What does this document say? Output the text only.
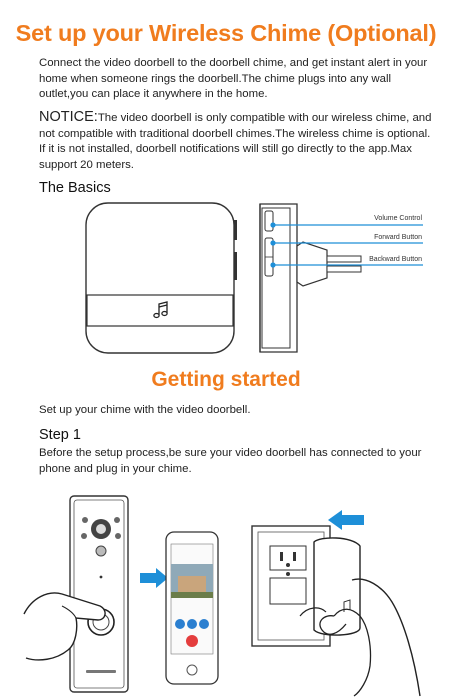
Set up your Wireless Chime (Optional)
Connect the video doorbell to the doorbell chime, and get instant alert in your home when someone rings the doorbell.The chime plugs into any wall outlet,you can place it anywhere in the home.
NOTICE:The video doorbell is only compatible with our wireless chime, and not compatible with traditional doorbell chimes.The wireless chime is optional. If it is not installed, doorbell notifications will still go directly to the app.Max support 20 meters.
The Basics
Volume Control
Forward Button
Backward Button
Getting started
Set up your chime with the video doorbell.
Step 1
Before the setup process,be sure your video doorbell has connected to your phone and plug in your chime.
